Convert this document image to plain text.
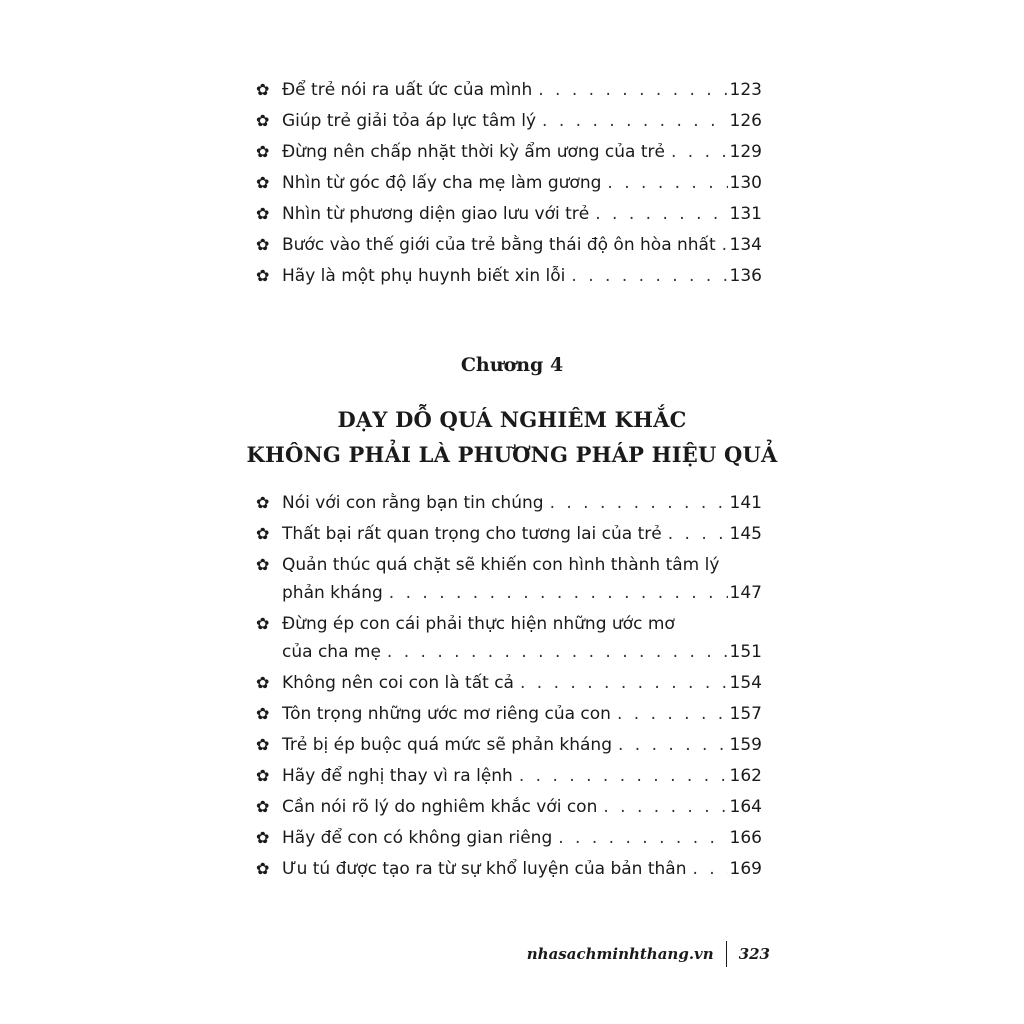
✿ Để trẻ nói ra uất ức của mình . . .	123
✿ Giúp trẻ giải tỏa áp lực tâm lý . . .	126
✿ Đừng nên chấp nhặt thời kỳ ẩm ương của trẻ . . .	129
✿ Nhìn từ góc độ lấy cha mẹ làm gương . . .	130
✿ Nhìn từ phương diện giao lưu với trẻ . . .	131
✿ Bước vào thế giới của trẻ bằng thái độ ôn hòa nhất . . . 134
✿ Hãy là một phụ huynh biết xin lỗi . . .	136
Chương 4
DẠY DỖ QUÁ NGHIÊM KHẮC
KHÔNG PHẢI LÀ PHƯƠNG PHÁP HIỆU QUẢ
✿ Nói với con rằng bạn tin chúng . . .	141
✿ Thất bại rất quan trọng cho tương lai của trẻ . . .	145
✿ Quản thúc quá chặt sẽ khiến con hình thành tâm lý
phản kháng . . .	147
✿ Đừng ép con cái phải thực hiện những ước mơ
của cha mẹ . . .	151
✿ Không nên coi con là tất cả . . .	154
✿ Tôn trọng những ước mơ riêng của con . . .	157
✿ Trẻ bị ép buộc quá mức sẽ phản kháng . . .	159
✿ Hãy để nghị thay vì ra lệnh . . .	162
✿ Cần nói rõ lý do nghiêm khắc với con . . .	164
✿ Hãy để con có không gian riêng . . .	166
✿ Ưu tú được tạo ra từ sự khổ luyện của bản thân . . .	169
nhasachminhthang.vn 323
